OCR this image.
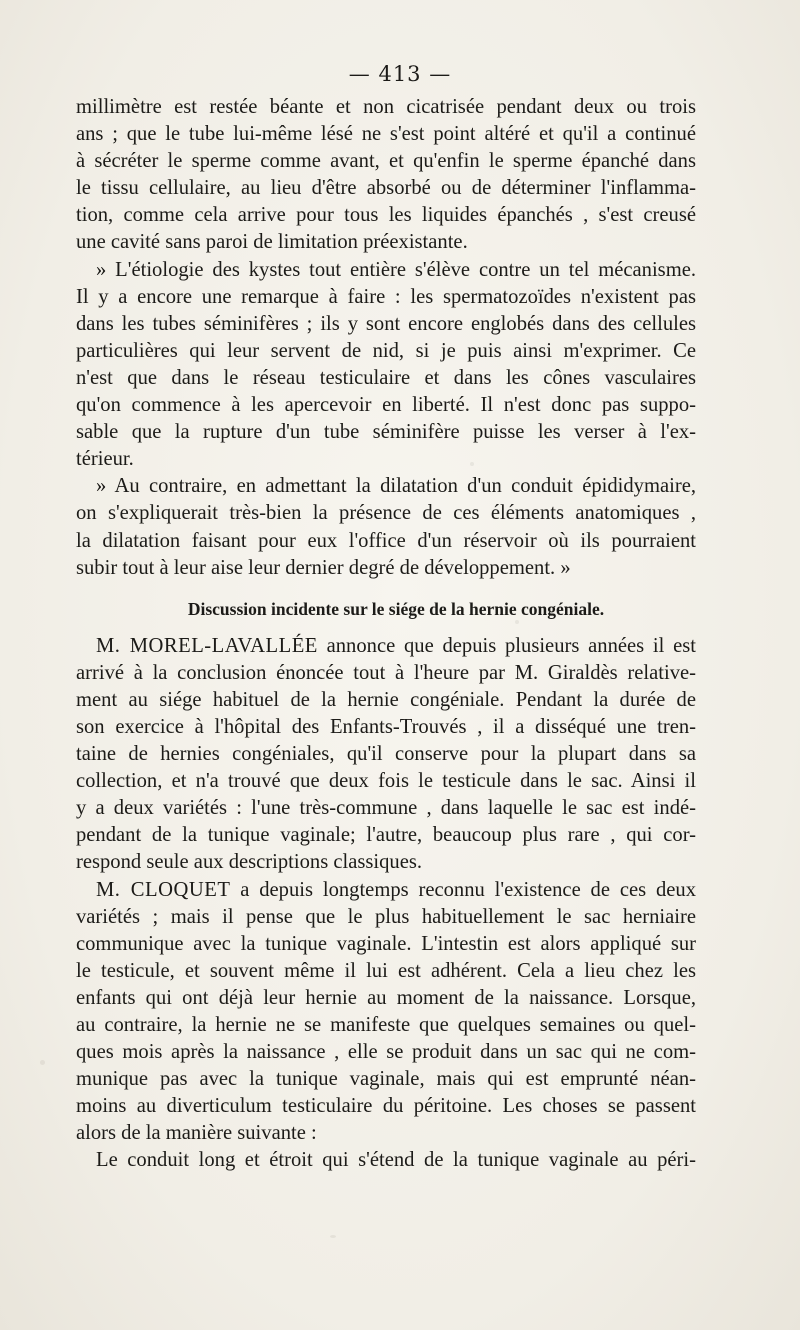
— 413 —
millimètre est restée béante et non cicatrisée pendant deux ou trois
ans ; que le tube lui-même lésé ne s'est point altéré et qu'il a continué
à sécréter le sperme comme avant, et qu'enfin le sperme épanché dans
le tissu cellulaire, au lieu d'être absorbé ou de déterminer l'inflamma-
tion, comme cela arrive pour tous les liquides épanchés , s'est creusé
une cavité sans paroi de limitation préexistante.
» L'étiologie des kystes tout entière s'élève contre un tel mécanisme.
Il y a encore une remarque à faire : les spermatozoïdes n'existent pas
dans les tubes séminifères ; ils y sont encore englobés dans des cellules
particulières qui leur servent de nid, si je puis ainsi m'exprimer. Ce
n'est que dans le réseau testiculaire et dans les cônes vasculaires
qu'on commence à les apercevoir en liberté. Il n'est donc pas suppo-
sable que la rupture d'un tube séminifère puisse les verser à l'ex-
térieur.
» Au contraire, en admettant la dilatation d'un conduit épididymaire,
on s'expliquerait très-bien la présence de ces éléments anatomiques ,
la dilatation faisant pour eux l'office d'un réservoir où ils pourraient
subir tout à leur aise leur dernier degré de développement. »
Discussion incidente sur le siége de la hernie congéniale.
M. MOREL-LAVALLÉE annonce que depuis plusieurs années il est
arrivé à la conclusion énoncée tout à l'heure par M. Giraldès relative-
ment au siége habituel de la hernie congéniale. Pendant la durée de
son exercice à l'hôpital des Enfants-Trouvés , il a disséqué une tren-
taine de hernies congéniales, qu'il conserve pour la plupart dans sa
collection, et n'a trouvé que deux fois le testicule dans le sac. Ainsi il
y a deux variétés : l'une très-commune , dans laquelle le sac est indé-
pendant de la tunique vaginale; l'autre, beaucoup plus rare , qui cor-
respond seule aux descriptions classiques.
M. CLOQUET a depuis longtemps reconnu l'existence de ces deux
variétés ; mais il pense que le plus habituellement le sac herniaire
communique avec la tunique vaginale. L'intestin est alors appliqué sur
le testicule, et souvent même il lui est adhérent. Cela a lieu chez les
enfants qui ont déjà leur hernie au moment de la naissance. Lorsque,
au contraire, la hernie ne se manifeste que quelques semaines ou quel-
ques mois après la naissance , elle se produit dans un sac qui ne com-
munique pas avec la tunique vaginale, mais qui est emprunté néan-
moins au diverticulum testiculaire du péritoine. Les choses se passent
alors de la manière suivante :
Le conduit long et étroit qui s'étend de la tunique vaginale au péri-
